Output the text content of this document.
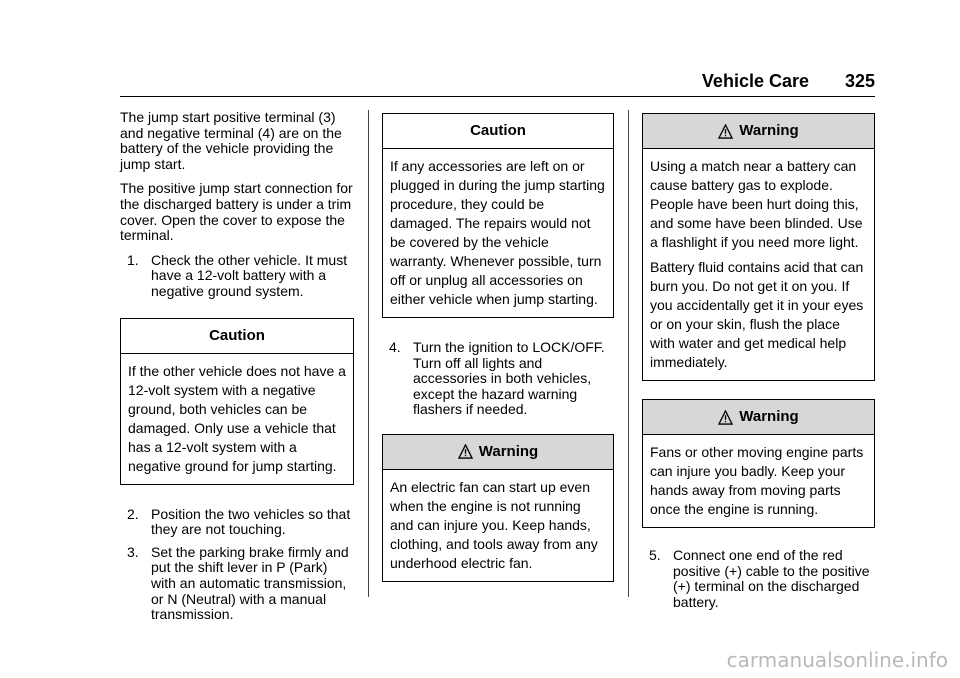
Vehicle Care 325

The jump start positive terminal (3) and negative terminal (4) are on the battery of the vehicle providing the jump start.

The positive jump start connection for the discharged battery is under a trim cover. Open the cover to expose the terminal.

1. Check the other vehicle. It must have a 12-volt battery with a negative ground system.
Caution

If the other vehicle does not have a 12-volt system with a negative ground, both vehicles can be damaged. Only use a vehicle that has a 12-volt system with a negative ground for jump starting.

2. Position the two vehicles so that they are not touching.
3. Set the parking brake firmly and put the shift lever in P (Park) with an automatic transmission, or N (Neutral) with a manual transmission.
Caution

If any accessories are left on or plugged in during the jump starting procedure, they could be damaged. The repairs would not be covered by the vehicle warranty. Whenever possible, turn off or unplug all accessories on either vehicle when jump starting.

4. Turn the ignition to LOCK/OFF. Turn off all lights and accessories in both vehicles, except the hazard warning flashers if needed.
Warning

An electric fan can start up even when the engine is not running and can injure you. Keep hands, clothing, and tools away from any underhood electric fan.

Warning

Using a match near a battery can cause battery gas to explode. People have been hurt doing this, and some have been blinded. Use a flashlight if you need more light.

Battery fluid contains acid that can burn you. Do not get it on you. If you accidentally get it in your eyes or on your skin, flush the place with water and get medical help immediately.

Warning

Fans or other moving engine parts can injure you badly. Keep your hands away from moving parts once the engine is running.

5. Connect one end of the red positive (+) cable to the positive (+) terminal on the discharged battery.
carmanualsonline.info
